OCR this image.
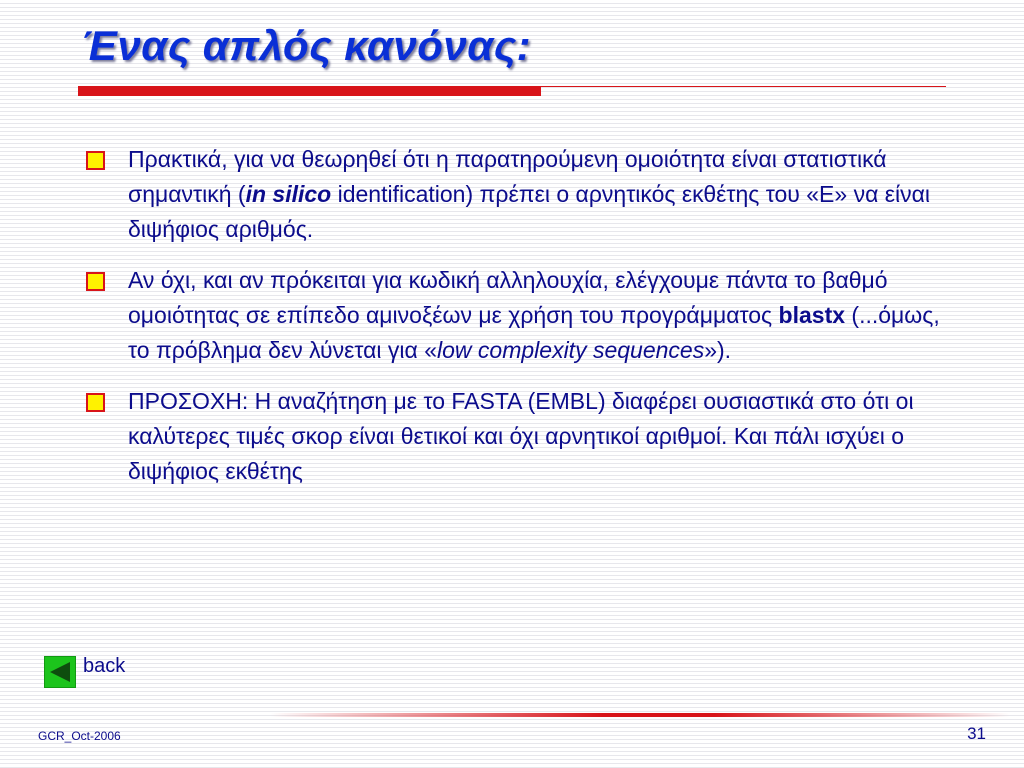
Ένας απλός κανόνας:
Πρακτικά, για να θεωρηθεί ότι η παρατηρούμενη ομοιότητα είναι στατιστικά σημαντική (in silico identification) πρέπει ο αρνητικός εκθέτης του «E» να είναι διψήφιος αριθμός.
Αν όχι, και αν πρόκειται για κωδική αλληλουχία, ελέγχουμε πάντα το βαθμό ομοιότητας σε επίπεδο αμινοξέων με χρήση του προγράμματος blastx (...όμως, το πρόβλημα δεν λύνεται για «low complexity sequences»).
ΠΡΟΣΟΧΗ: Η αναζήτηση με το FASTA (EMBL) διαφέρει ουσιαστικά στο ότι οι καλύτερες τιμές σκορ είναι θετικοί και όχι αρνητικοί αριθμοί. Και πάλι ισχύει ο διψήφιος εκθέτης
back
GCR_Oct-2006	31
